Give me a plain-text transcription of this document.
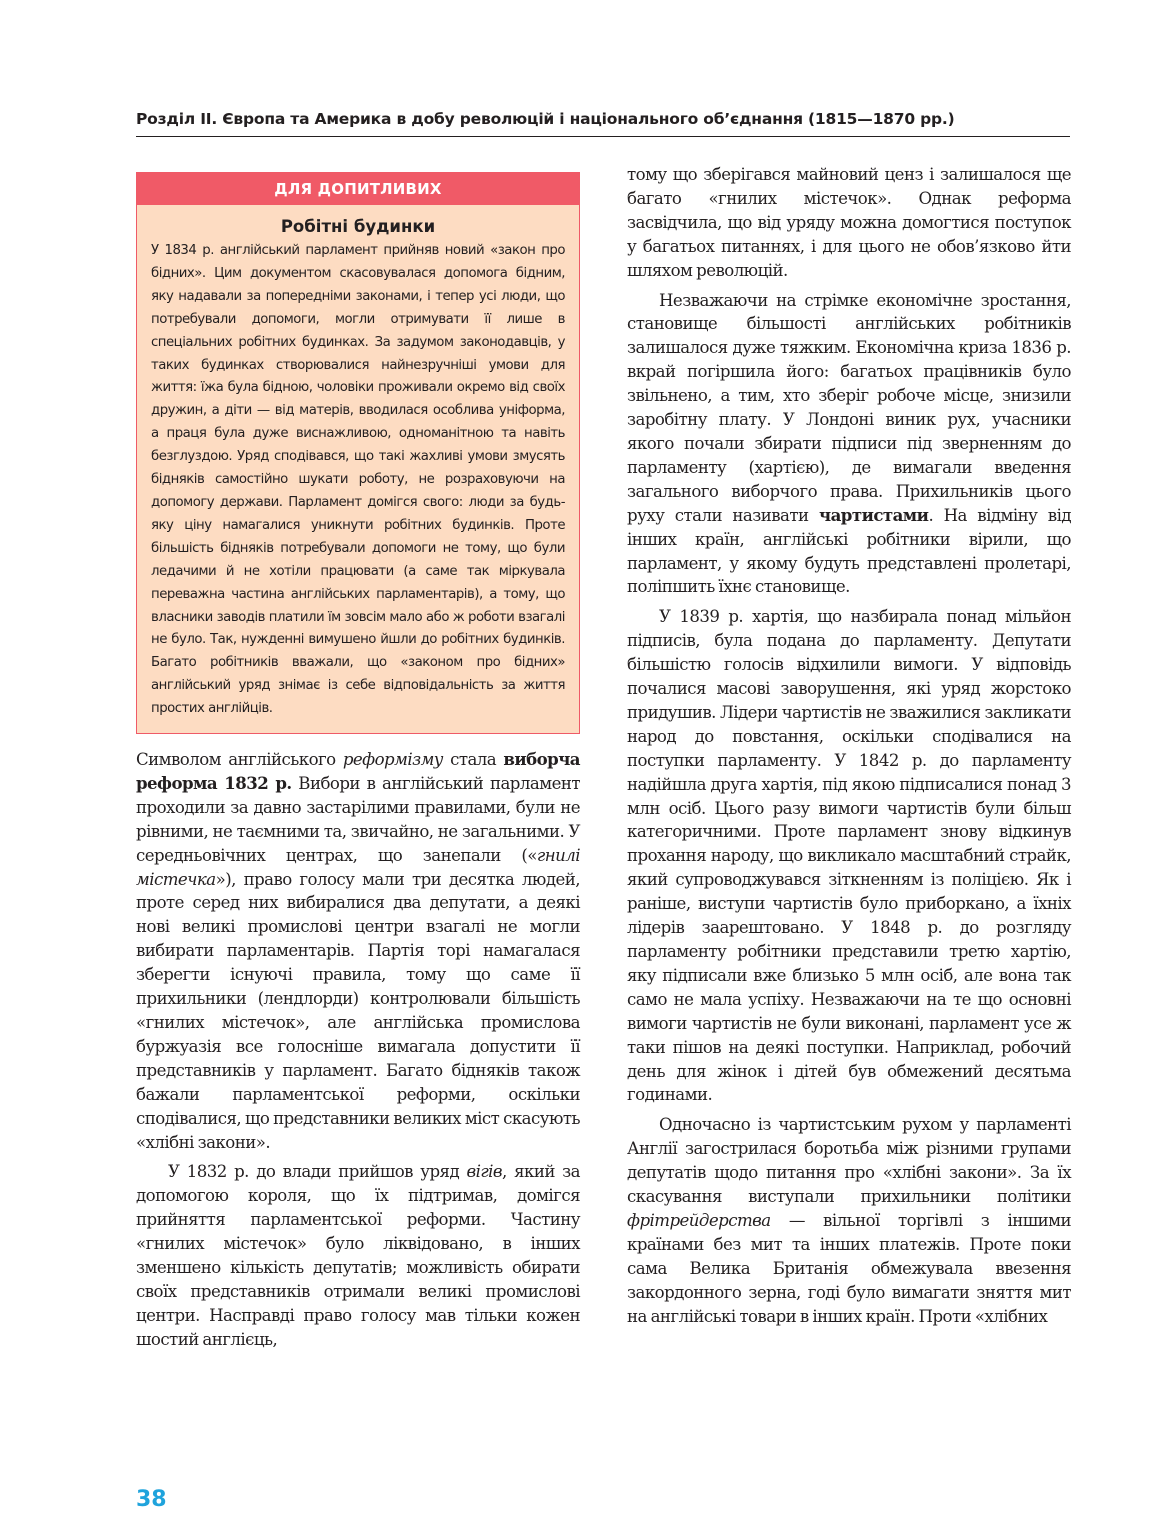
Розділ ІІ. Європа та Америка в добу революцій і національного об’єднання (1815—1870 рр.)
ДЛЯ ДОПИТЛИВИХ
Робітні будинки
У 1834 р. англійський парламент прийняв новий «закон про бідних». Цим документом скасовувалася допомога бідним, яку надавали за попередніми законами, і тепер усі люди, що потребували допомоги, могли отримувати її лише в спеціальних робітних будинках. За задумом законодавців, у таких будинках створювалися найнезручніші умови для життя: їжа була бідною, чоловіки проживали окремо від своїх дружин, а діти — від матерів, вводилася особлива уніформа, а праця була дуже виснажливою, одноманітною та навіть безглуздою. Уряд сподівався, що такі жахливі умови змусять бідняків самостійно шукати роботу, не розраховуючи на допомогу держави. Парламент домігся свого: люди за будь-яку ціну намагалися уникнути робітних будинків. Проте більшість бідняків потребували допомоги не тому, що були ледачими й не хотіли працювати (а саме так міркувала переважна частина англійських парламентарів), а тому, що власники заводів платили їм зовсім мало або ж роботи взагалі не було. Так, нужденні вимушено йшли до робітних будинків. Багато робітників вважали, що «законом про бідних» англійський уряд знімає із себе відповідальність за життя простих англійців.

Символом англійського реформізму стала виборча реформа 1832 р. Вибори в англійський парламент проходили за давно застарілими правилами, були не рівними, не таємними та, звичайно, не загальними. У середньовічних центрах, що занепали («гнилі містечка»), право голосу мали три десятка людей, проте серед них вибиралися два депутати, а деякі нові великі промислові центри взагалі не могли вибирати парламентарів. Партія торі намагалася зберегти існуючі правила, тому що саме її прихильники (лендлорди) контролювали більшість «гнилих містечок», але англійська промислова буржуазія все голосніше вимагала допустити її представників у парламент. Багато бідняків також бажали парламентської реформи, оскільки сподівалися, що представники великих міст скасують «хлібні закони».

У 1832 р. до влади прийшов уряд вігів, який за допомогою короля, що їх підтримав, домігся прийняття парламентської реформи. Частину «гнилих містечок» було ліквідовано, в інших зменшено кількість депутатів; можливість обирати своїх представників отримали великі промислові центри. Насправді право голосу мав тільки кожен шостий англієць,

тому що зберігався майновий ценз і залишалося ще багато «гнилих містечок». Однак реформа засвідчила, що від уряду можна домогтися поступок у багатьох питаннях, і для цього не обов’язково йти шляхом революцій.

Незважаючи на стрімке економічне зростання, становище більшості англійських робітників залишалося дуже тяжким. Економічна криза 1836 р. вкрай погіршила його: багатьох працівників було звільнено, а тим, хто зберіг робоче місце, знизили заробітну плату. У Лондоні виник рух, учасники якого почали збирати підписи під зверненням до парламенту (хартією), де вимагали введення загального виборчого права. Прихильників цього руху стали називати чартистами. На відміну від інших країн, англійські робітники вірили, що парламент, у якому будуть представлені пролетарі, поліпшить їхнє становище.

У 1839 р. хартія, що назбирала понад мільйон підписів, була подана до парламенту. Депутати більшістю голосів відхилили вимоги. У відповідь почалися масові заворушення, які уряд жорстоко придушив. Лідери чартистів не зважилися закликати народ до повстання, оскільки сподівалися на поступки парламенту. У 1842 р. до парламенту надійшла друга хартія, під якою підписалися понад 3 млн осіб. Цього разу вимоги чартистів були більш категоричними. Проте парламент знову відкинув прохання народу, що викликало масштабний страйк, який супроводжувався зіткненням із поліцією. Як і раніше, виступи чартистів було приборкано, а їхніх лідерів заарештовано. У 1848 р. до розгляду парламенту робітники представили третю хартію, яку підписали вже близько 5 млн осіб, але вона так само не мала успіху. Незважаючи на те що основні вимоги чартистів не були виконані, парламент усе ж таки пішов на деякі поступки. Наприклад, робочий день для жінок і дітей був обмежений десятьма годинами.

Одночасно із чартистським рухом у парламенті Англії загострилася боротьба між різними групами депутатів щодо питання про «хлібні закони». За їх скасування виступали прихильники політики фрітрейдерства — вільної торгівлі з іншими країнами без мит та інших платежів. Проте поки сама Велика Британія обмежувала ввезення закордонного зерна, годі було вимагати зняття мит на англійські товари в інших країн. Проти «хлібних

38
